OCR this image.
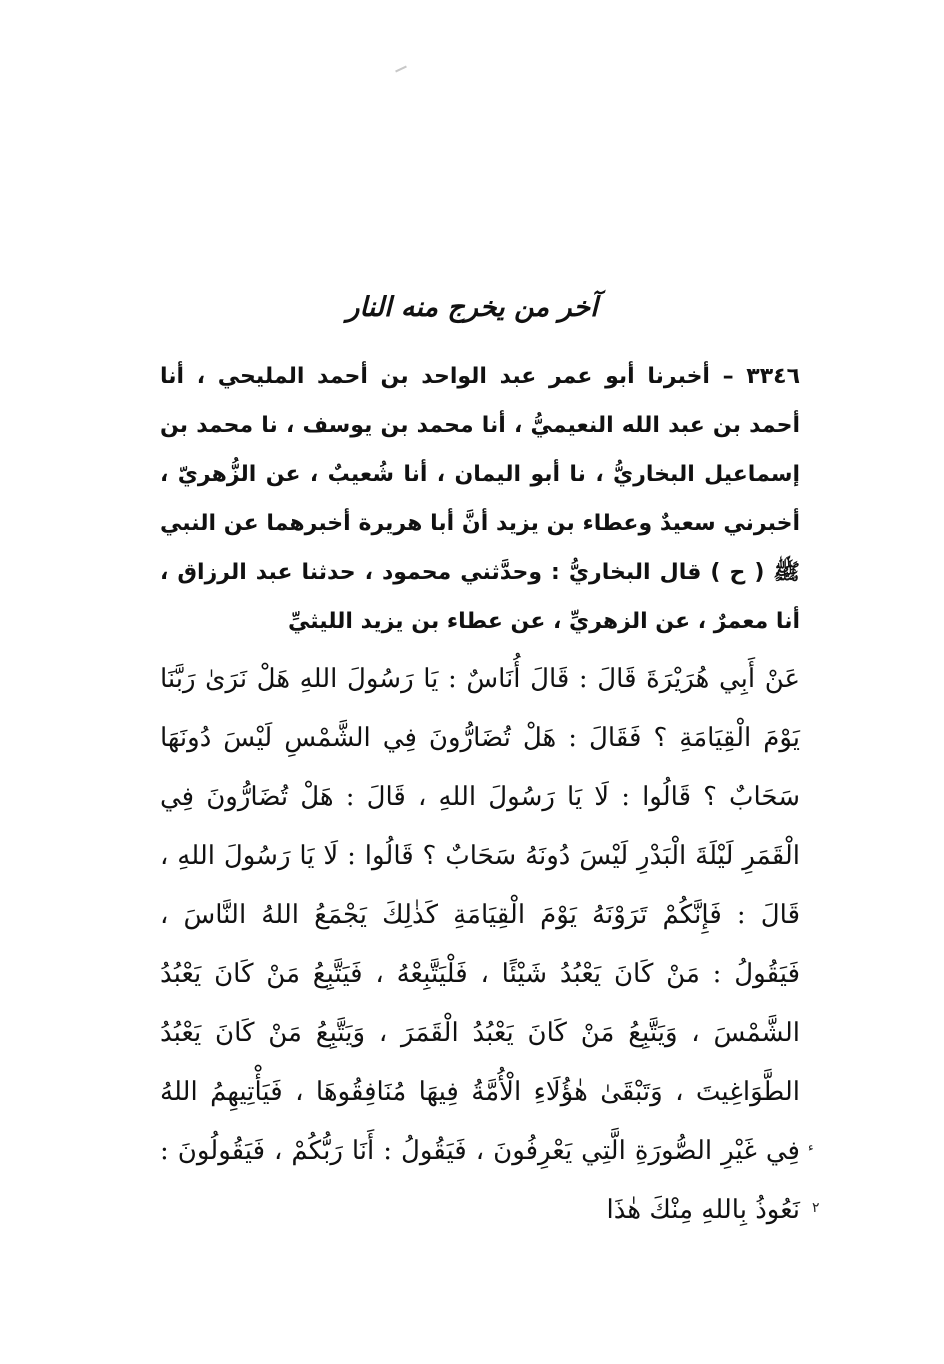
آخر من يخرج منه النار

٣٣٤٦ – أخبرنا أبو عمر عبد الواحد بن أحمد المليحي ، أنا أحمد بن عبد الله النعيميُّ ، أنا محمد بن يوسف ، نا محمد بن إسماعيل البخاريُّ ، نا أبو اليمان ، أنا شُعيبٌ ، عن الزُّهريّ ، أخبرني سعيدٌ وعطاء بن يزيد أنَّ أبا هريرة أخبرهما عن النبي ﷺ ( ح ) قال البخاريُّ : وحدَّثني محمود ، حدثنا عبد الرزاق ، أنا معمرٌ ، عن الزهريِّ ، عن عطاء بن يزيد الليثيِّ

عَنْ أَبِي هُرَيْرَةَ قَالَ : قَالَ أُنَاسٌ : يَا رَسُولَ اللهِ هَلْ نَرَىٰ رَبَّنَا يَوْمَ الْقِيَامَةِ ؟ فَقَالَ : هَلْ تُضَارُّونَ فِي الشَّمْسِ لَيْسَ دُونَهَا سَحَابٌ ؟ قَالُوا : لَا يَا رَسُولَ اللهِ ، قَالَ : هَلْ تُضَارُّونَ فِي الْقَمَرِ لَيْلَةَ الْبَدْرِ لَيْسَ دُونَهُ سَحَابٌ ؟ قَالُوا : لَا يَا رَسُولَ اللهِ ، قَالَ : فَإِنَّكُمْ تَرَوْنَهُ يَوْمَ الْقِيَامَةِ كَذٰلِكَ يَجْمَعُ اللهُ النَّاسَ ، فَيَقُولُ : مَنْ كَانَ يَعْبُدُ شَيْئًا ، فَلْيَتَّبِعْهُ ، فَيَتَّبِعُ مَنْ كَانَ يَعْبُدُ الشَّمْسَ ، وَيَتَّبِعُ مَنْ كَانَ يَعْبُدُ الْقَمَرَ ، وَيَتَّبِعُ مَنْ كَانَ يَعْبُدُ الطَّوَاغِيتَ ، وَتَبْقَىٰ هٰؤُلَاءِ الْأُمَّةُ فِيهَا مُنَافِقُوهَا ، فَيَأْتِيهِمُ اللهُ فِي غَيْرِ الصُّورَةِ الَّتِي يَعْرِفُونَ ، فَيَقُولُ : أَنَا رَبُّكُمْ ، فَيَقُولُونَ : نَعُوذُ بِاللهِ مِنْكَ هٰذَا

ء
٢
